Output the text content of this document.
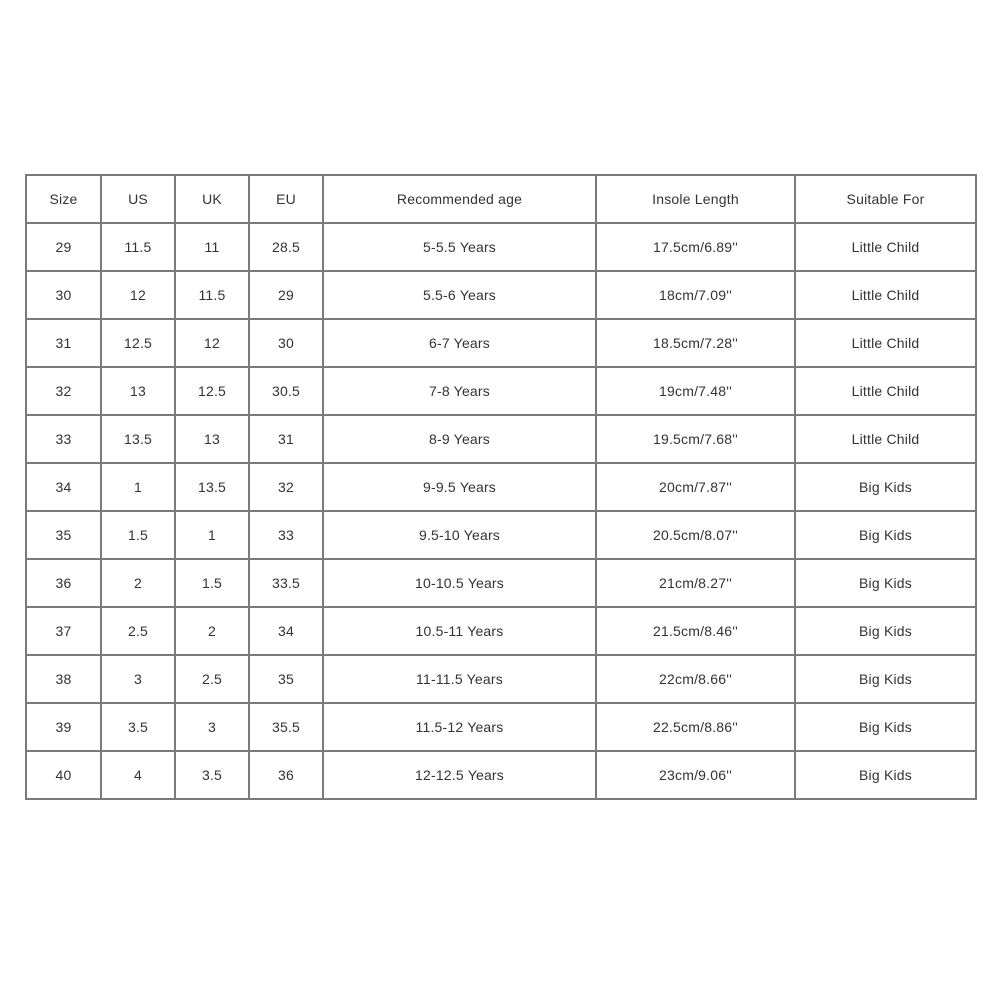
Size	US	UK	EU	Recommended age	Insole Length	Suitable For
29	11.5	11	28.5	5-5.5 Years	17.5cm/6.89''	Little Child
30	12	11.5	29	5.5-6 Years	18cm/7.09''	Little Child
31	12.5	12	30	6-7 Years	18.5cm/7.28''	Little Child
32	13	12.5	30.5	7-8 Years	19cm/7.48''	Little Child
33	13.5	13	31	8-9 Years	19.5cm/7.68''	Little Child
34	1	13.5	32	9-9.5 Years	20cm/7.87''	Big Kids
35	1.5	1	33	9.5-10 Years	20.5cm/8.07''	Big Kids
36	2	1.5	33.5	10-10.5 Years	21cm/8.27''	Big Kids
37	2.5	2	34	10.5-11 Years	21.5cm/8.46''	Big Kids
38	3	2.5	35	11-11.5 Years	22cm/8.66''	Big Kids
39	3.5	3	35.5	11.5-12 Years	22.5cm/8.86''	Big Kids
40	4	3.5	36	12-12.5 Years	23cm/9.06''	Big Kids
